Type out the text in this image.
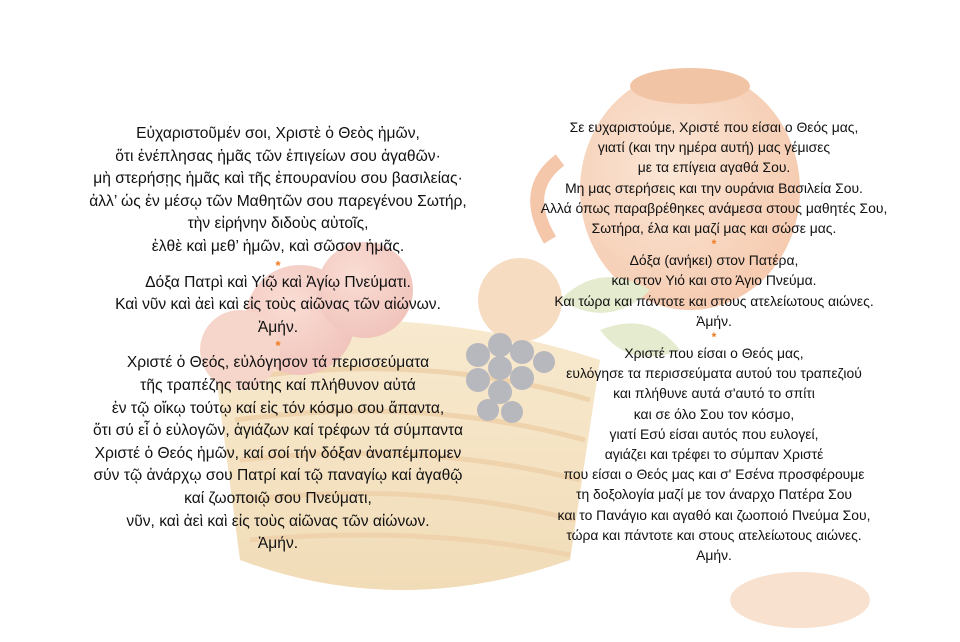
Εὐχαριστοῦμέν σοι, Χριστὲ ὁ Θεὸς ἡμῶν,
ὅτι ἐνέπλησας ἡμᾶς τῶν ἐπιγείων σου ἀγαθῶν·
μὴ στερήσῃς ἡμᾶς καὶ τῆς ἐπουρανίου σου βασιλείας·
ἀλλ’ ὡς ἐν μέσῳ τῶν Μαθητῶν σου παρεγένου Σωτήρ,
τὴν εἰρήνην διδοὺς αὐτοῖς,
ἐλθὲ καὶ μεθ’ ἡμῶν, καὶ σῶσον ἡμᾶς.
*
Δόξα Πατρὶ καὶ Υἱῷ καὶ Ἁγίῳ Πνεύματι.
Καὶ νῦν καὶ ἀεὶ καὶ εἰς τοὺς αἰῶνας τῶν αἰώνων.
Ἀμήν.
*
Χριστέ ὁ Θεός, εὐλόγησον τά περισσεύματα
τῆς τραπέζης ταύτης καί πλήθυνον αὐτά
ἐν τῷ οἴκῳ τούτῳ καί εἰς τόν κόσμο σου ἅπαντα,
ὅτι σύ εἶ ὁ εὐλογῶν, ἁγιάζων καί τρέφων τά σύμπαντα
Χριστέ ὁ Θεός ἡμῶν, καί σοί τήν δόξαν ἀναπέμπομεν
σύν τῷ ἀνάρχῳ σου Πατρί καί τῷ παναγίῳ καί ἀγαθῷ
καί ζωοποιῷ σου Πνεύματι,
νῦν, καὶ ἀεὶ καὶ εἰς τοὺς αἰῶνας τῶν αἰώνων.
Ἀμήν.
Σε ευχαριστούμε, Χριστέ που είσαι ο Θεός μας,
γιατί (και την ημέρα αυτή) μας γέμισες
με τα επίγεια αγαθά Σου.
Μη μας στερήσεις και την ουράνια Βασιλεία Σου.
Αλλά όπως παραβρέθηκες ανάμεσα στους μαθητές Σου,
Σωτήρα, έλα και μαζί μας και σώσε μας.
*
Δόξα (ανήκει) στον Πατέρα,
και στον Υιό και στο Άγιο Πνεύμα.
Και τώρα και πάντοτε και στους ατελείωτους αιώνες.
Ἀμήν.
*
Χριστέ που είσαι ο Θεός μας,
ευλόγησε τα περισσεύματα αυτού του τραπεζιού
και πλήθυνε αυτά σ'αυτό το σπίτι
και σε όλο Σου τον κόσμο,
γιατί Εσύ είσαι αυτός που ευλογεί,
αγιάζει και τρέφει το σύμπαν Χριστέ
που είσαι ο Θεός μας και σ' Εσένα προσφέρουμε
τη δοξολογία μαζί με τον άναρχο Πατέρα Σου
και το Πανάγιο και αγαθό και ζωοποιό Πνεύμα Σου,
τώρα και πάντοτε και στους ατελείωτους αιώνες.
Αμήν.
